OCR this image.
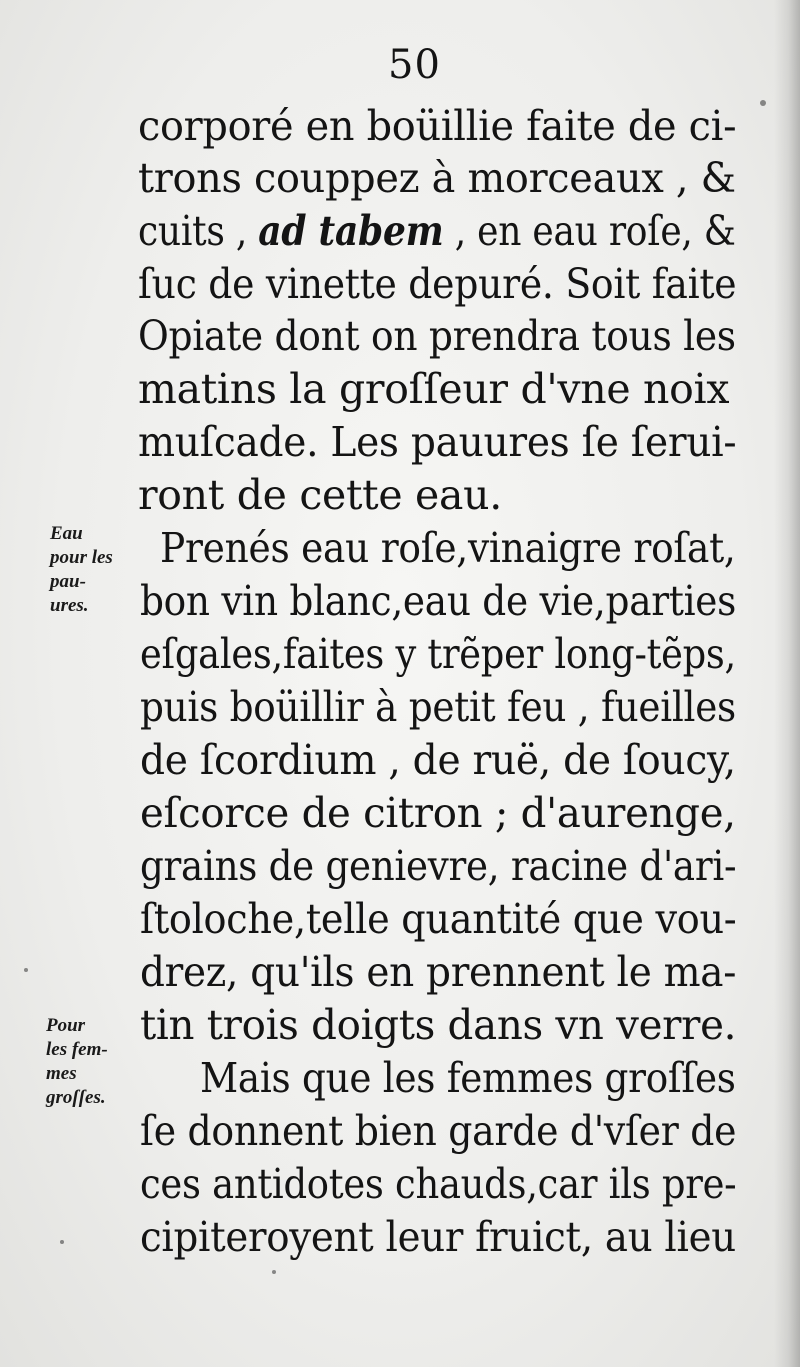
50
corporé en boüillie faite de ci-
trons couppez à morceaux , &
cuits , ad tabem , en eau roſe, &
ſuc de vinette depuré. Soit faite
Opiate dont on prendra tous les
matins la groſſeur d'vne noix
muſcade. Les pauures ſe ſerui-
ront de cette eau.
Prenés eau roſe,vinaigre roſat,
bon vin blanc,eau de vie,parties
eſgales,faites y trẽper long-tẽps,
puis boüillir à petit feu , fueilles
de ſcordium , de ruë, de ſoucy,
eſcorce de citron ; d'aurenge,
grains de genievre, racine d'ari-
ſtoloche,telle quantité que vou-
drez, qu'ils en prennent le ma-
tin trois doigts dans vn verre.
Mais que les femmes groſſes
ſe donnent bien garde d'vſer de
ces antidotes chauds,car ils pre-
cipiteroyent leur fruict, au lieu
Eau
pour les
pau-
ures.
Pour
les fem-
mes
groſſes.
